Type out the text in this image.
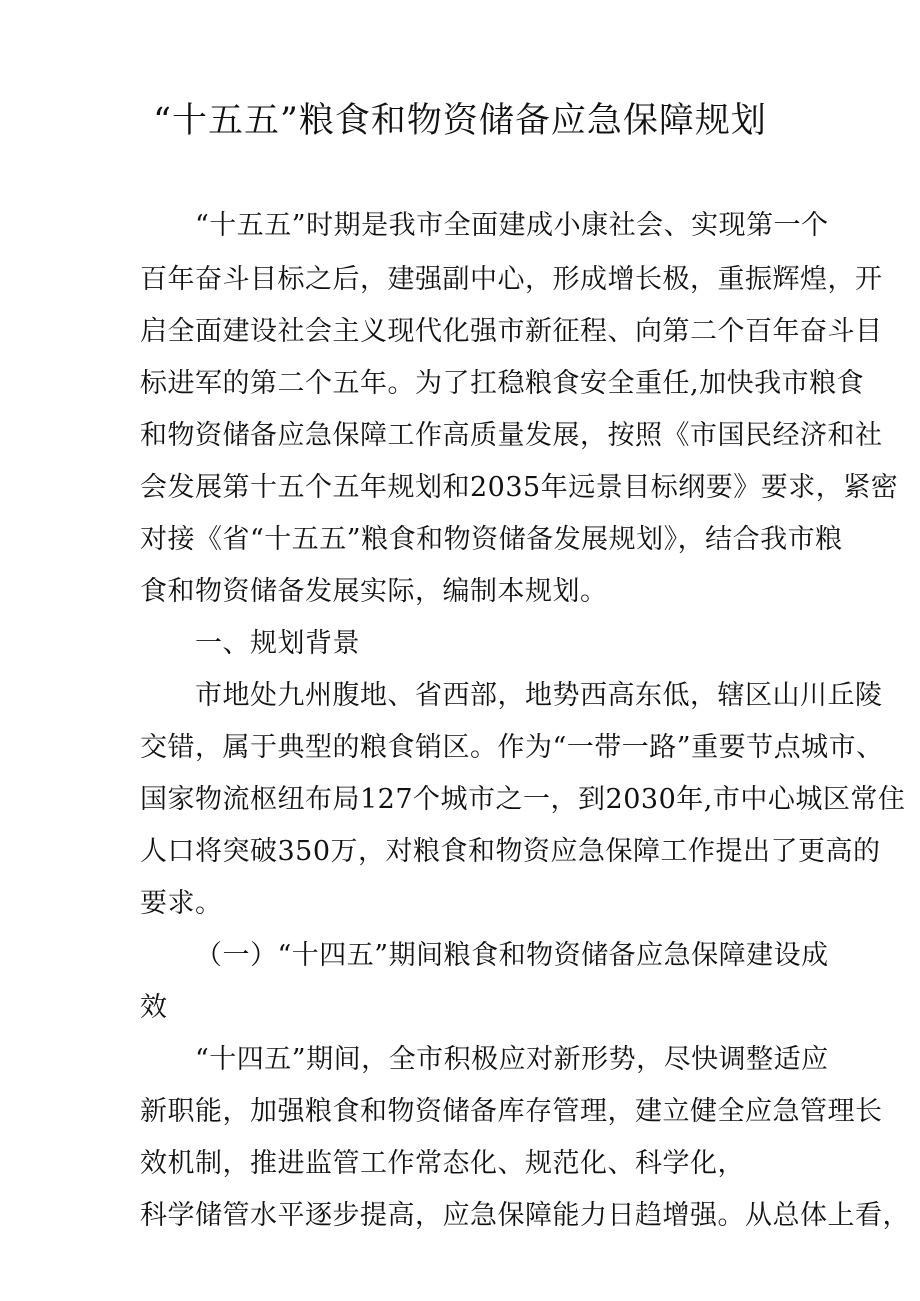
“十五五”粮食和物资储备应急保障规划
“十五五”时期是我市全面建成小康社会、实现第一个
百年奋斗目标之后，建强副中心，形成增长极，重振辉煌，开
启全面建设社会主义现代化强市新征程、向第二个百年奋斗目
标进军的第二个五年。为了扛稳粮食安全重任,加快我市粮食
和物资储备应急保障工作高质量发展，按照《市国民经济和社
会发展第十五个五年规划和2035年远景目标纲要》要求，紧密
对接《省“十五五”粮食和物资储备发展规划》，结合我市粮
食和物资储备发展实际，编制本规划。
一、规划背景
市地处九州腹地、省西部，地势西高东低，辖区山川丘陵
交错，属于典型的粮食销区。作为“一带一路”重要节点城市、
国家物流枢纽布局127个城市之一，到2030年,市中心城区常住
人口将突破350万，对粮食和物资应急保障工作提出了更高的
要求。
（一）“十四五”期间粮食和物资储备应急保障建设成
效
“十四五”期间，全市积极应对新形势，尽快调整适应
新职能，加强粮食和物资储备库存管理，建立健全应急管理长
效机制，推进监管工作常态化、规范化、科学化，
科学储管水平逐步提高，应急保障能力日趋增强。从总体上看，
